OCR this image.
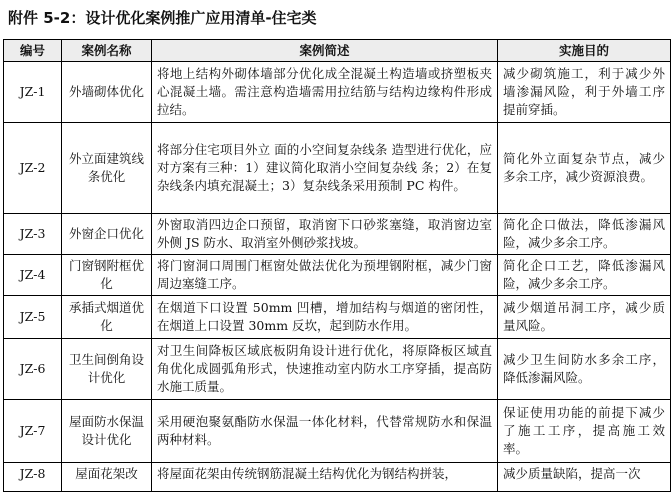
附件 5-2：设计优化案例推广应用清单-住宅类
编号	案例名称	案例简述	实施目的
JZ-1	外墙砌体优化	将地上结构外砌体墙部分优化成全混凝土构造墙或挤塑板夹心混凝土墙。需注意构造墙需用拉结筋与结构边缘构件形成拉结。	减少砌筑施工，利于减少外墙渗漏风险，利于外墙工序提前穿插。
JZ-2	外立面建筑线条优化	将部分住宅项目外立 面的小空间复杂线条 造型进行优化，应对方案有三种：1）建议简化取消小空间复杂线 条；2）在复杂线条内填充混凝土；3）复杂线条采用预制 PC 构件。	简化外立面复杂节点，减少多余工序，减少资源浪费。
JZ-3	外窗企口优化	外窗取消四边企口预留，取消窗下口砂浆塞缝，取消窗边室外侧 JS 防水、取消室外侧砂浆找坡。	简化企口做法，降低渗漏风险，减少多余工序。
JZ-4	门窗钢附框优化	将门窗洞口周围门框窗处做法优化为预埋钢附框，减少门窗周边塞缝工序。	简化企口工艺，降低渗漏风险，减少多余工序。
JZ-5	承插式烟道优化	在烟道下口设置 50mm 凹槽，增加结构与烟道的密闭性，在烟道上口设置 30mm 反坎，起到防水作用。	减少烟道吊洞工序，减少质量风险。
JZ-6	卫生间倒角设计优化	对卫生间降板区域底板阴角设计进行优化，将原降板区域直角优化成圆弧角形式，快速推动室内防水工序穿插，提高防水施工质量。	减少卫生间防水多余工序，降低渗漏风险。
JZ-7	屋面防水保温设计优化	采用硬泡聚氨酯防水保温一体化材料，代替常规防水和保温两种材料。	保证使用功能的前提下减少了施工工序，提高施工效率。
JZ-8	屋面花架改	将屋面花架由传统钢筋混凝土结构优化为钢结构拼装，	减少质量缺陷，提高一次
